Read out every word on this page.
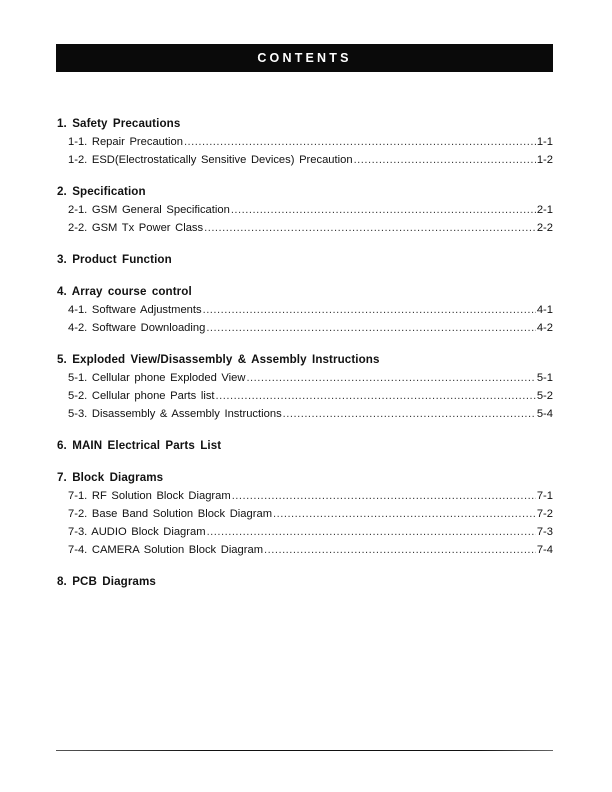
CONTENTS
1. Safety Precautions
1-1. Repair Precaution .....	1-1
1-2. ESD(Electrostatically Sensitive Devices) Precaution .....	1-2
2. Specification
2-1. GSM General Specification .....	2-1
2-2. GSM Tx Power Class .....	2-2
3. Product Function
4. Array course control
4-1. Software Adjustments .....	4-1
4-2. Software Downloading .....	4-2
5. Exploded View/Disassembly & Assembly Instructions
5-1. Cellular phone Exploded View .....	5-1
5-2. Cellular phone Parts list .....	5-2
5-3. Disassembly & Assembly Instructions .....	5-4
6. MAIN Electrical Parts List
7. Block Diagrams
7-1. RF Solution Block Diagram .....	7-1
7-2. Base Band Solution Block Diagram .....	7-2
7-3. AUDIO Block Diagram .....	7-3
7-4. CAMERA Solution Block Diagram .....	7-4
8. PCB Diagrams
